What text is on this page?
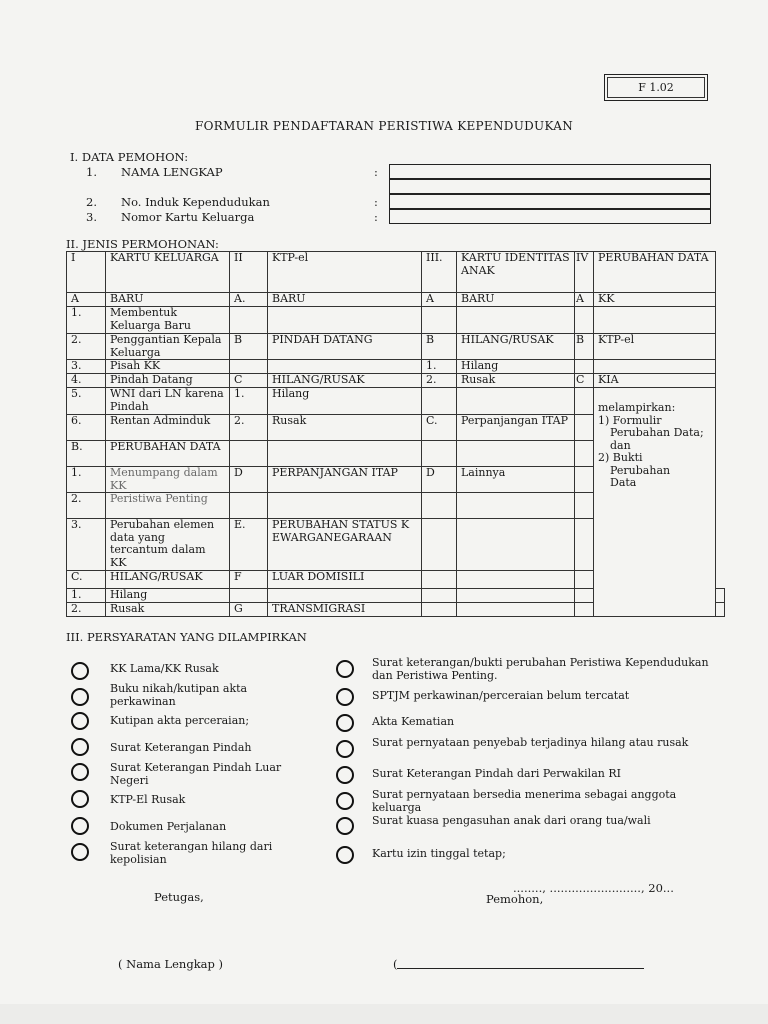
F 1.02
FORMULIR PENDAFTARAN PERISTIWA KEPENDUDUKAN
I. DATA PEMOHON:
1. NAMA LENGKAP	:
2. No. Induk Kependudukan	:
3. Nomor Kartu Keluarga	:
II. JENIS PERMOHONAN:
I	KARTU KELUARGA	II	KTP-el	III.	KARTU IDENTITAS ANAK	IV	PERUBAHAN DATA	
A	BARU	A.	BARU	A	BARU	A	KK	
1.	Membentuk Keluarga Baru							
2.	Penggantian Kepala Keluarga	B	PINDAH DATANG	B	HILANG/RUSAK	B	KTP-el	
3.	Pisah KK			1.	Hilang			
4.	Pindah Datang	C	HILANG/RUSAK	2.	Rusak	C	KIA	
5.	WNI dari LN karena Pindah	1.	Hilang				melampirkan:
1) Formulir Perubahan Data; dan
2) Bukti Perubahan Data	

6.	Rentan Adminduk	2.	Rusak	C.	Perpanjangan ITAP			
B.	PERUBAHAN DATA							
1.	Menumpang dalam KK	D	PERPANJANGAN ITAP	D	Lainnya			
2.	Peristiwa Penting							
3.	Perubahan elemen data yang tercantum dalam KK	E.	PERUBAHAN STATUS KEWARGANEGARAAN					
C.	HILANG/RUSAK	F	LUAR DOMISILI					
1.	Hilang							
2.	Rusak	G	TRANSMIGRASI					
III. PERSYARATAN YANG DILAMPIRKAN
KK Lama/KK Rusak
Buku nikah/kutipan akta perkawinan
Kutipan akta perceraian;
Surat Keterangan Pindah
Surat Keterangan Pindah Luar Negeri
KTP-El Rusak
Dokumen Perjalanan
Surat keterangan hilang dari kepolisian
Surat keterangan/bukti perubahan Peristiwa Kependudukan dan Peristiwa Penting.
SPTJM perkawinan/perceraian belum tercatat
Akta Kematian
Surat pernyataan penyebab terjadinya hilang atau rusak
Surat Keterangan Pindah dari Perwakilan RI
Surat pernyataan bersedia menerima sebagai anggota keluarga
Surat kuasa pengasuhan anak dari orang tua/wali
Kartu izin tinggal tetap;
........, ........................., 20...
Petugas,	Pemohon,
( Nama Lengkap )	(
